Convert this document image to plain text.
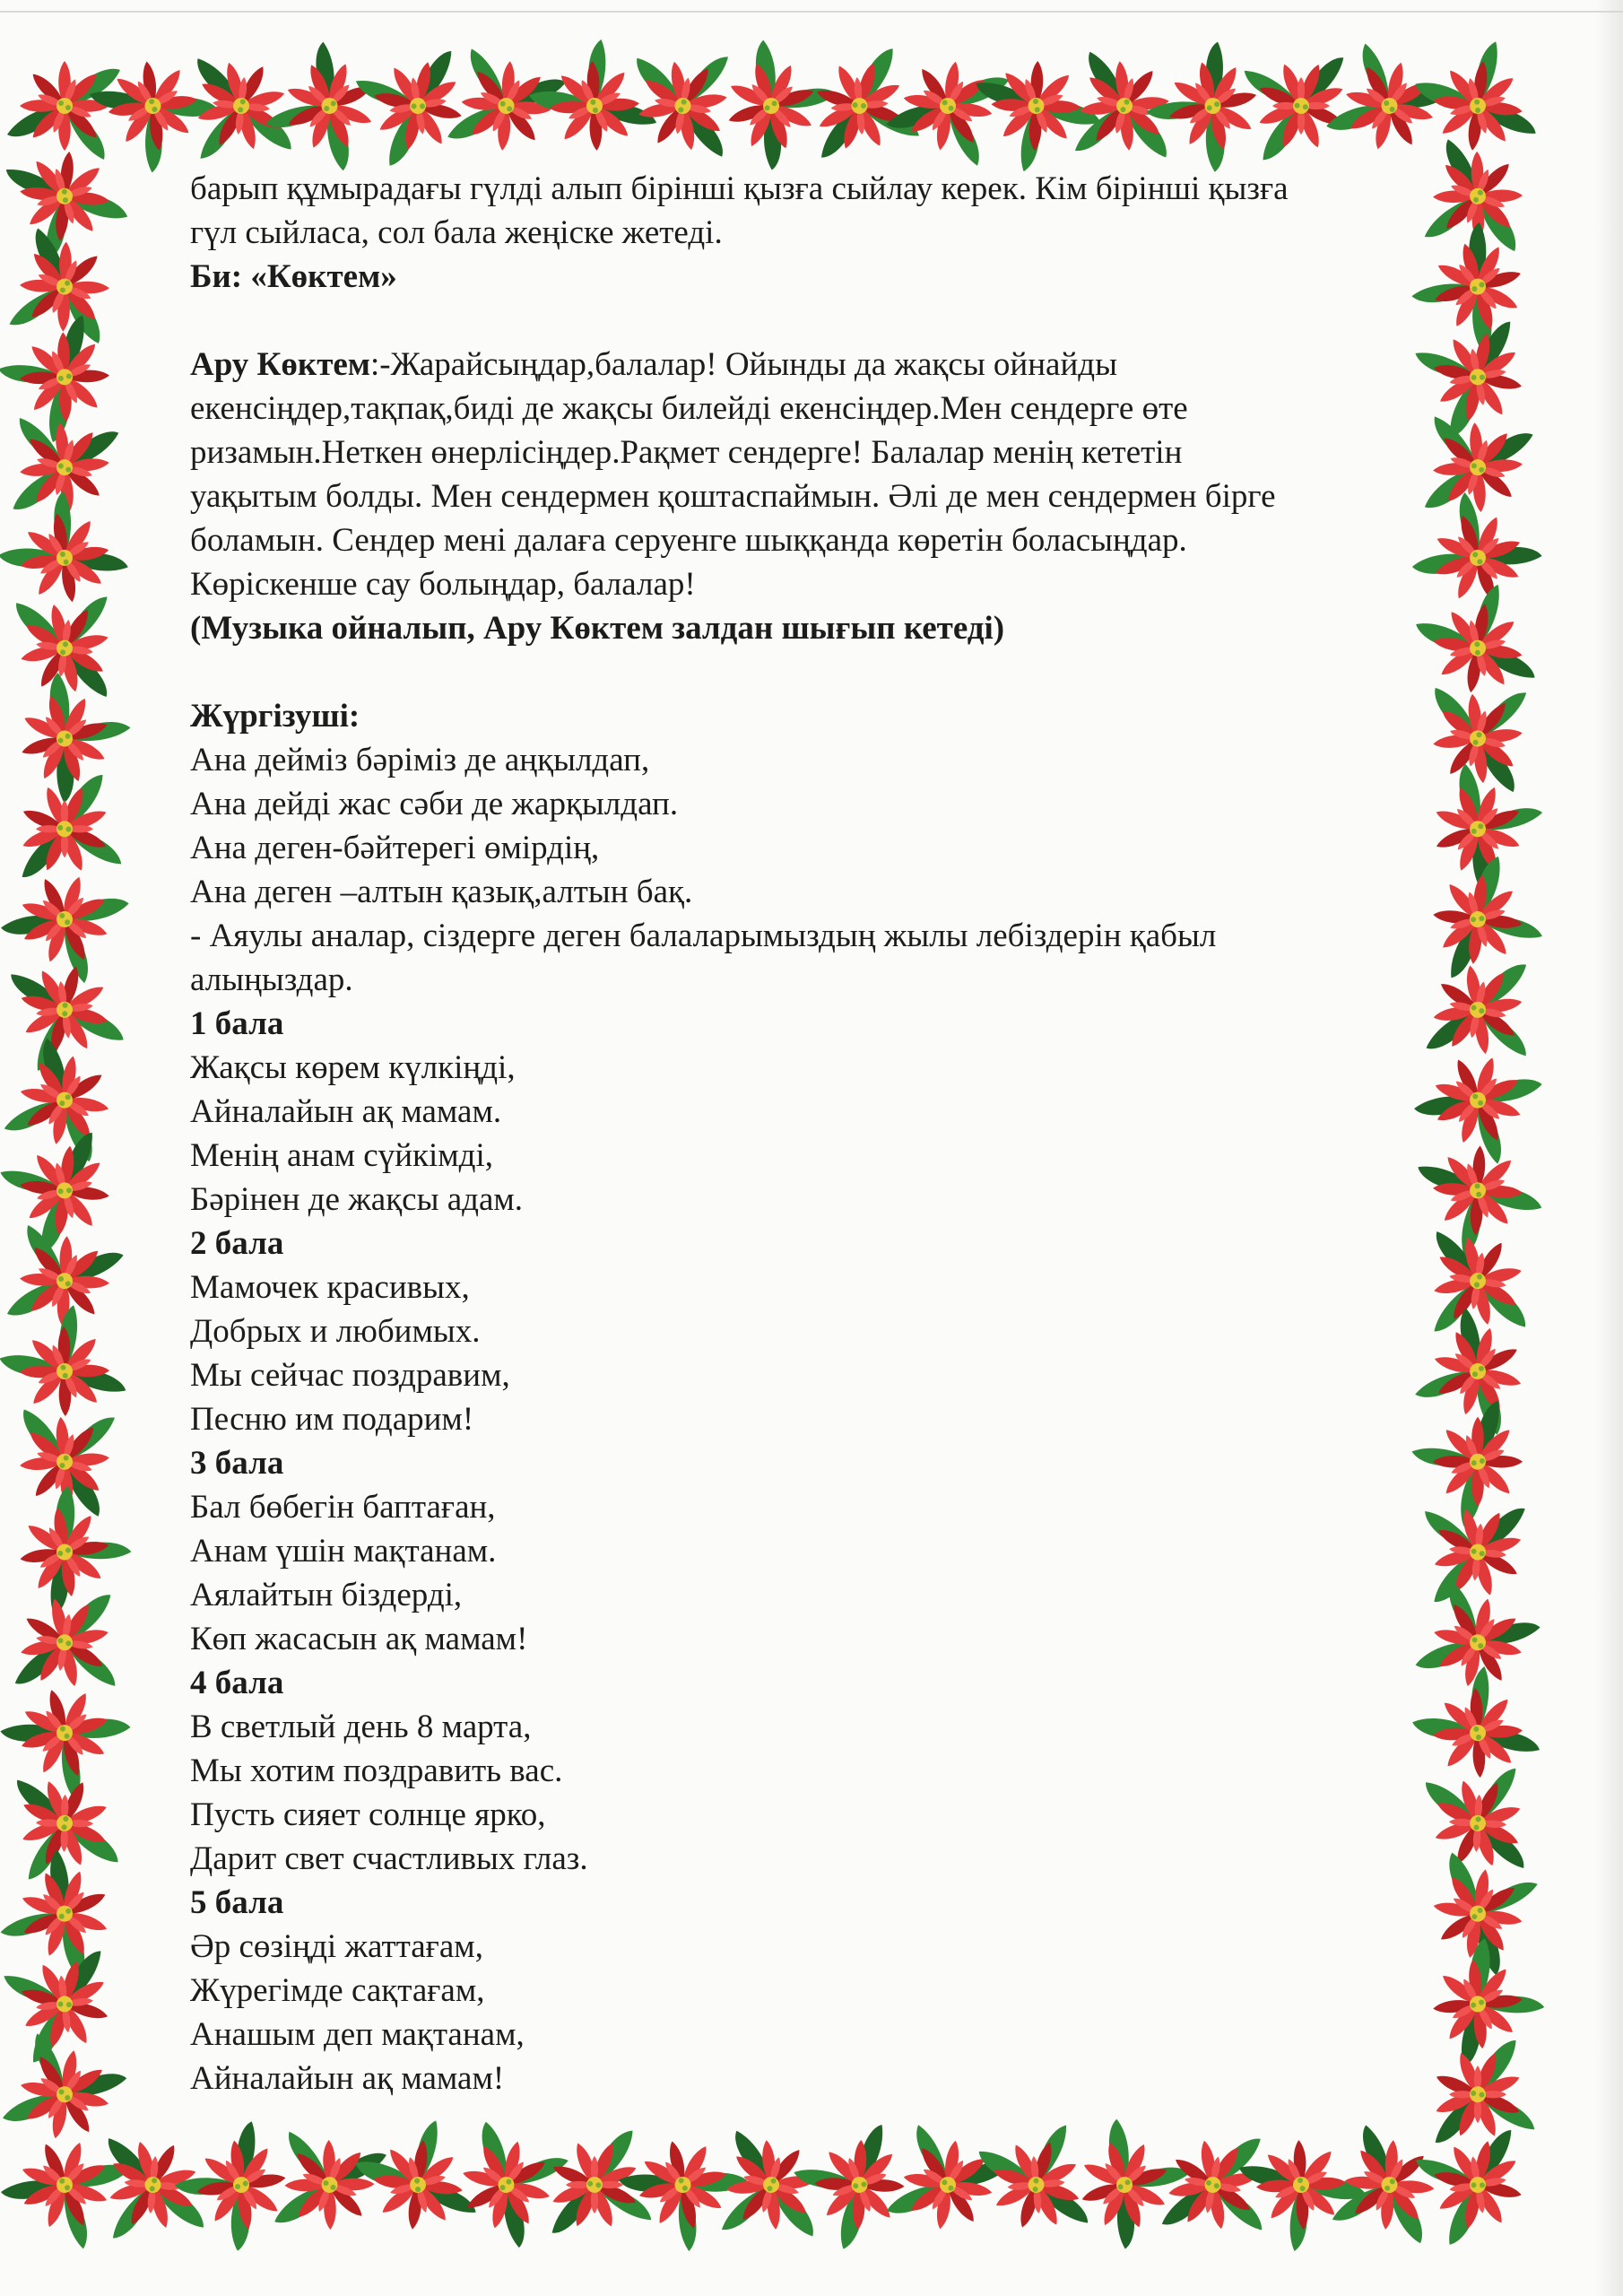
барып құмырадағы гүлді алып бірінші қызға сыйлау керек. Кім бірінші қызға

гүл сыйласа, сол бала жеңіске жетеді.

Би: «Көктем»

Ару Көктем:-Жарайсыңдар,балалар! Ойынды да жақсы ойнайды

екенсіңдер,тақпақ,биді де жақсы билейді екенсіңдер.Мен сендерге өте

ризамын.Неткен өнерлісіңдер.Рақмет сендерге! Балалар менің кететін

уақытым болды. Мен сендермен қоштаспаймын. Әлі де мен сендермен бірге

боламын. Сендер мені далаға серуенге шыққанда көретін боласыңдар.

Көріскенше сау болыңдар, балалар!

(Музыка ойналып, Ару Көктем залдан шығып кетеді)

Жүргізуші:

Ана дейміз бәріміз де аңқылдап,

Ана дейді жас сәби де жарқылдап.

Ана деген-бәйтерегі өмірдің,

Ана деген –алтын қазық,алтын бақ.

- Аяулы аналар, сіздерге деген балаларымыздың жылы лебіздерін қабыл

алыңыздар.

1 бала

Жақсы көрем күлкіңді,

Айналайын ақ мамам.

Менің анам сүйкімді,

Бәрінен де жақсы адам.

2 бала

Мамочек красивых,

Добрых и любимых.

Мы сейчас поздравим,

Песню им подарим!

3 бала

Бал бөбегін баптаған,

Анам үшін мақтанам.

Аялайтын біздерді,

Көп жасасын ақ мамам!

4 бала

В светлый день 8 марта,

Мы хотим поздравить вас.

Пусть сияет солнце ярко,

Дарит свет счастливых глаз.

5 бала

Әр сөзіңді жаттағам,

Жүрегімде сақтағам,

Анашым деп мақтанам,

Айналайын ақ мамам!
